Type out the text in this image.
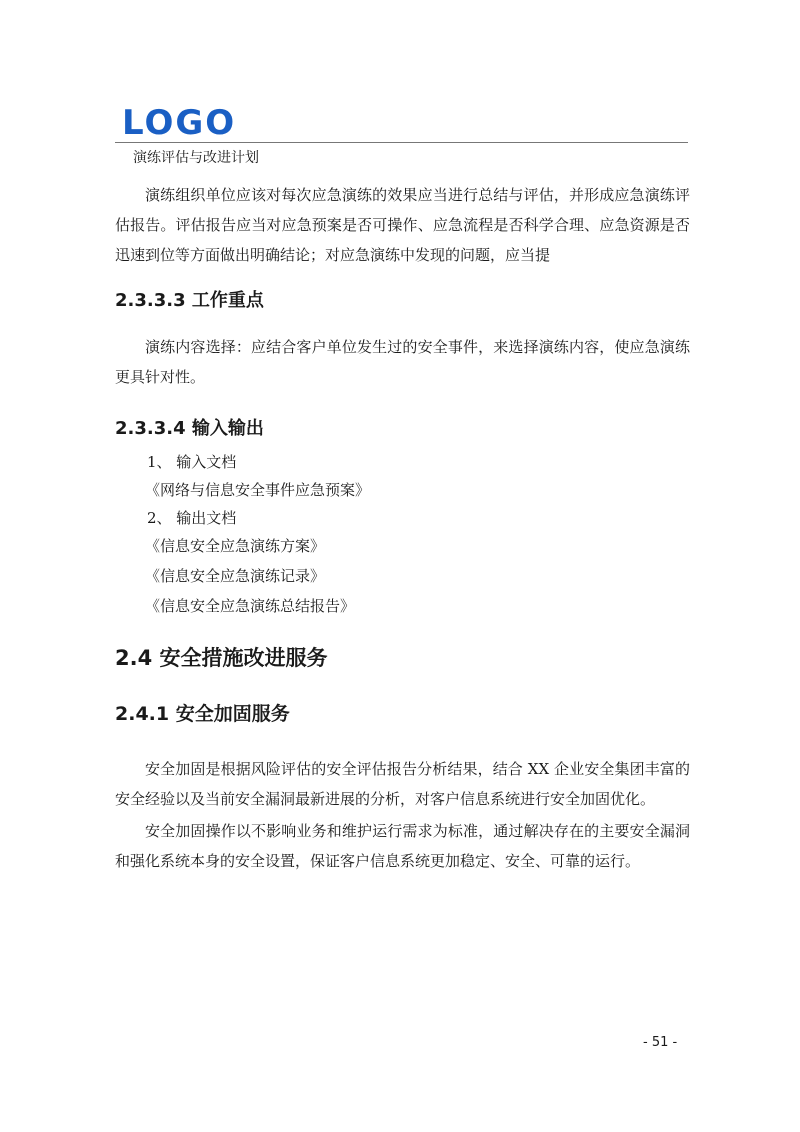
LOGO
演练评估与改进计划

演练组织单位应该对每次应急演练的效果应当进行总结与评估，并形成应急演练评估报告。评估报告应当对应急预案是否可操作、应急流程是否科学合理、应急资源是否迅速到位等方面做出明确结论；对应急演练中发现的问题，应当提

2.3.3.3 工作重点

演练内容选择：应结合客户单位发生过的安全事件，来选择演练内容，使应急演练更具针对性。

2.3.3.4 输入输出

1、 输入文档

《网络与信息安全事件应急预案》

2、 输出文档

《信息安全应急演练方案》

《信息安全应急演练记录》

《信息安全应急演练总结报告》

2.4 安全措施改进服务
2.4.1 安全加固服务

安全加固是根据风险评估的安全评估报告分析结果，结合 XX 企业安全集团丰富的安全经验以及当前安全漏洞最新进展的分析，对客户信息系统进行安全加固优化。

安全加固操作以不影响业务和维护运行需求为标准，通过解决存在的主要安全漏洞和强化系统本身的安全设置，保证客户信息系统更加稳定、安全、可靠的运行。

- 51 -
